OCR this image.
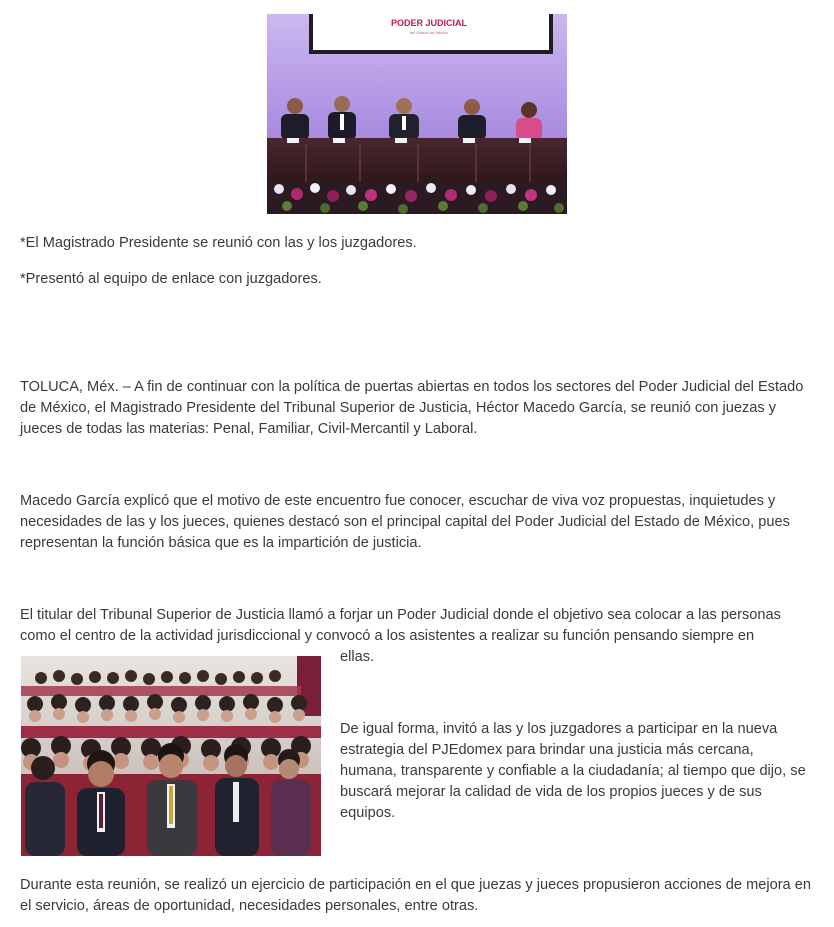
PODER JUDICIAL
del Estado de México

*El Magistrado Presidente se reunió con las y los juzgadores.

*Presentó al equipo de enlace con juzgadores.

TOLUCA, Méx. – A fin de continuar con la política de puertas abiertas en todos los sectores del Poder Judicial del Estado de México, el Magistrado Presidente del Tribunal Superior de Justicia, Héctor Macedo García, se reunió con juezas y jueces de todas las materias: Penal, Familiar, Civil-Mercantil y Laboral.

Macedo García explicó que el motivo de este encuentro fue conocer, escuchar de viva voz propuestas, inquietudes y necesidades de las y los jueces, quienes destacó son el principal capital del Poder Judicial del Estado de México, pues representan la función básica que es la impartición de justicia.

El titular del Tribunal Superior de Justicia llamó a forjar un Poder Judicial donde el objetivo sea colocar a las personas como el centro de la actividad jurisdiccional y convocó a los asistentes a realizar su función pensando siempre en

ellas.

De igual forma, invitó a las y los juzgadores a participar en la nueva estrategia del PJEdomex para brindar una justicia más cercana, humana, transparente y confiable a la ciudadanía; al tiempo que dijo, se buscará mejorar la calidad de vida de los propios jueces y de sus equipos.

Durante esta reunión, se realizó un ejercicio de participación en el que juezas y jueces propusieron acciones de mejora en el servicio, áreas de oportunidad, necesidades personales, entre otras.
